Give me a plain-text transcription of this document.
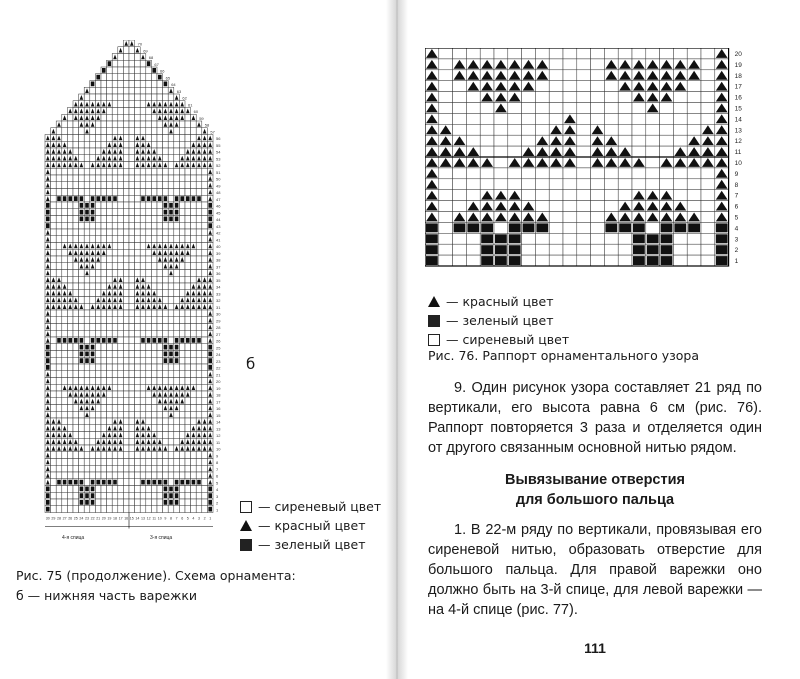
70
69
68
67
66
65
64
63
62
61
60
59
58
57
56
55
54
53
52
51
50
49
48
47
46
45
44
43
42
41
40
39
38
37
36
35
34
33
32
31
30
29
28
27
26
25
24
23
22
21
20
19
18
17
16
15
14
13
12
11
10
9
8
7
6
5
4
3
2
1
30 29 28 27 26 25 24 23 22 21 20 19 18 17 16 15 14 13 12 11 10 9 8 7 6 5 4 3 2 1
б
— сиреневый цвет
— красный цвет
— зеленый цвет
4-я спица	3-я спица
Рис. 75 (продолжение). Схема орнамента:
б — нижняя часть варежки
20
19
18
17
16
15
14
13
12
11
10
9
8
7
6
5
4
3
2
1
— красный цвет
— зеленый цвет
— сиреневый цвет
Рис. 76. Раппорт орнаментального узора

9. Один рисунок узора составляет 21 ряд по вертикали, его высота равна 6 см (рис. 76). Раппорт повторяется 3 раза и отделяется один от другого связанным основной нитью рядом.

Вывязывание отверстия
для большого пальца

1. В 22-м ряду по вертикали, провязывая его сиреневой нитью, образовать отверстие для большого пальца. Для правой варежки оно должно быть на 3-й спице, для левой варежки — на 4-й спице (рис. 77).

111
